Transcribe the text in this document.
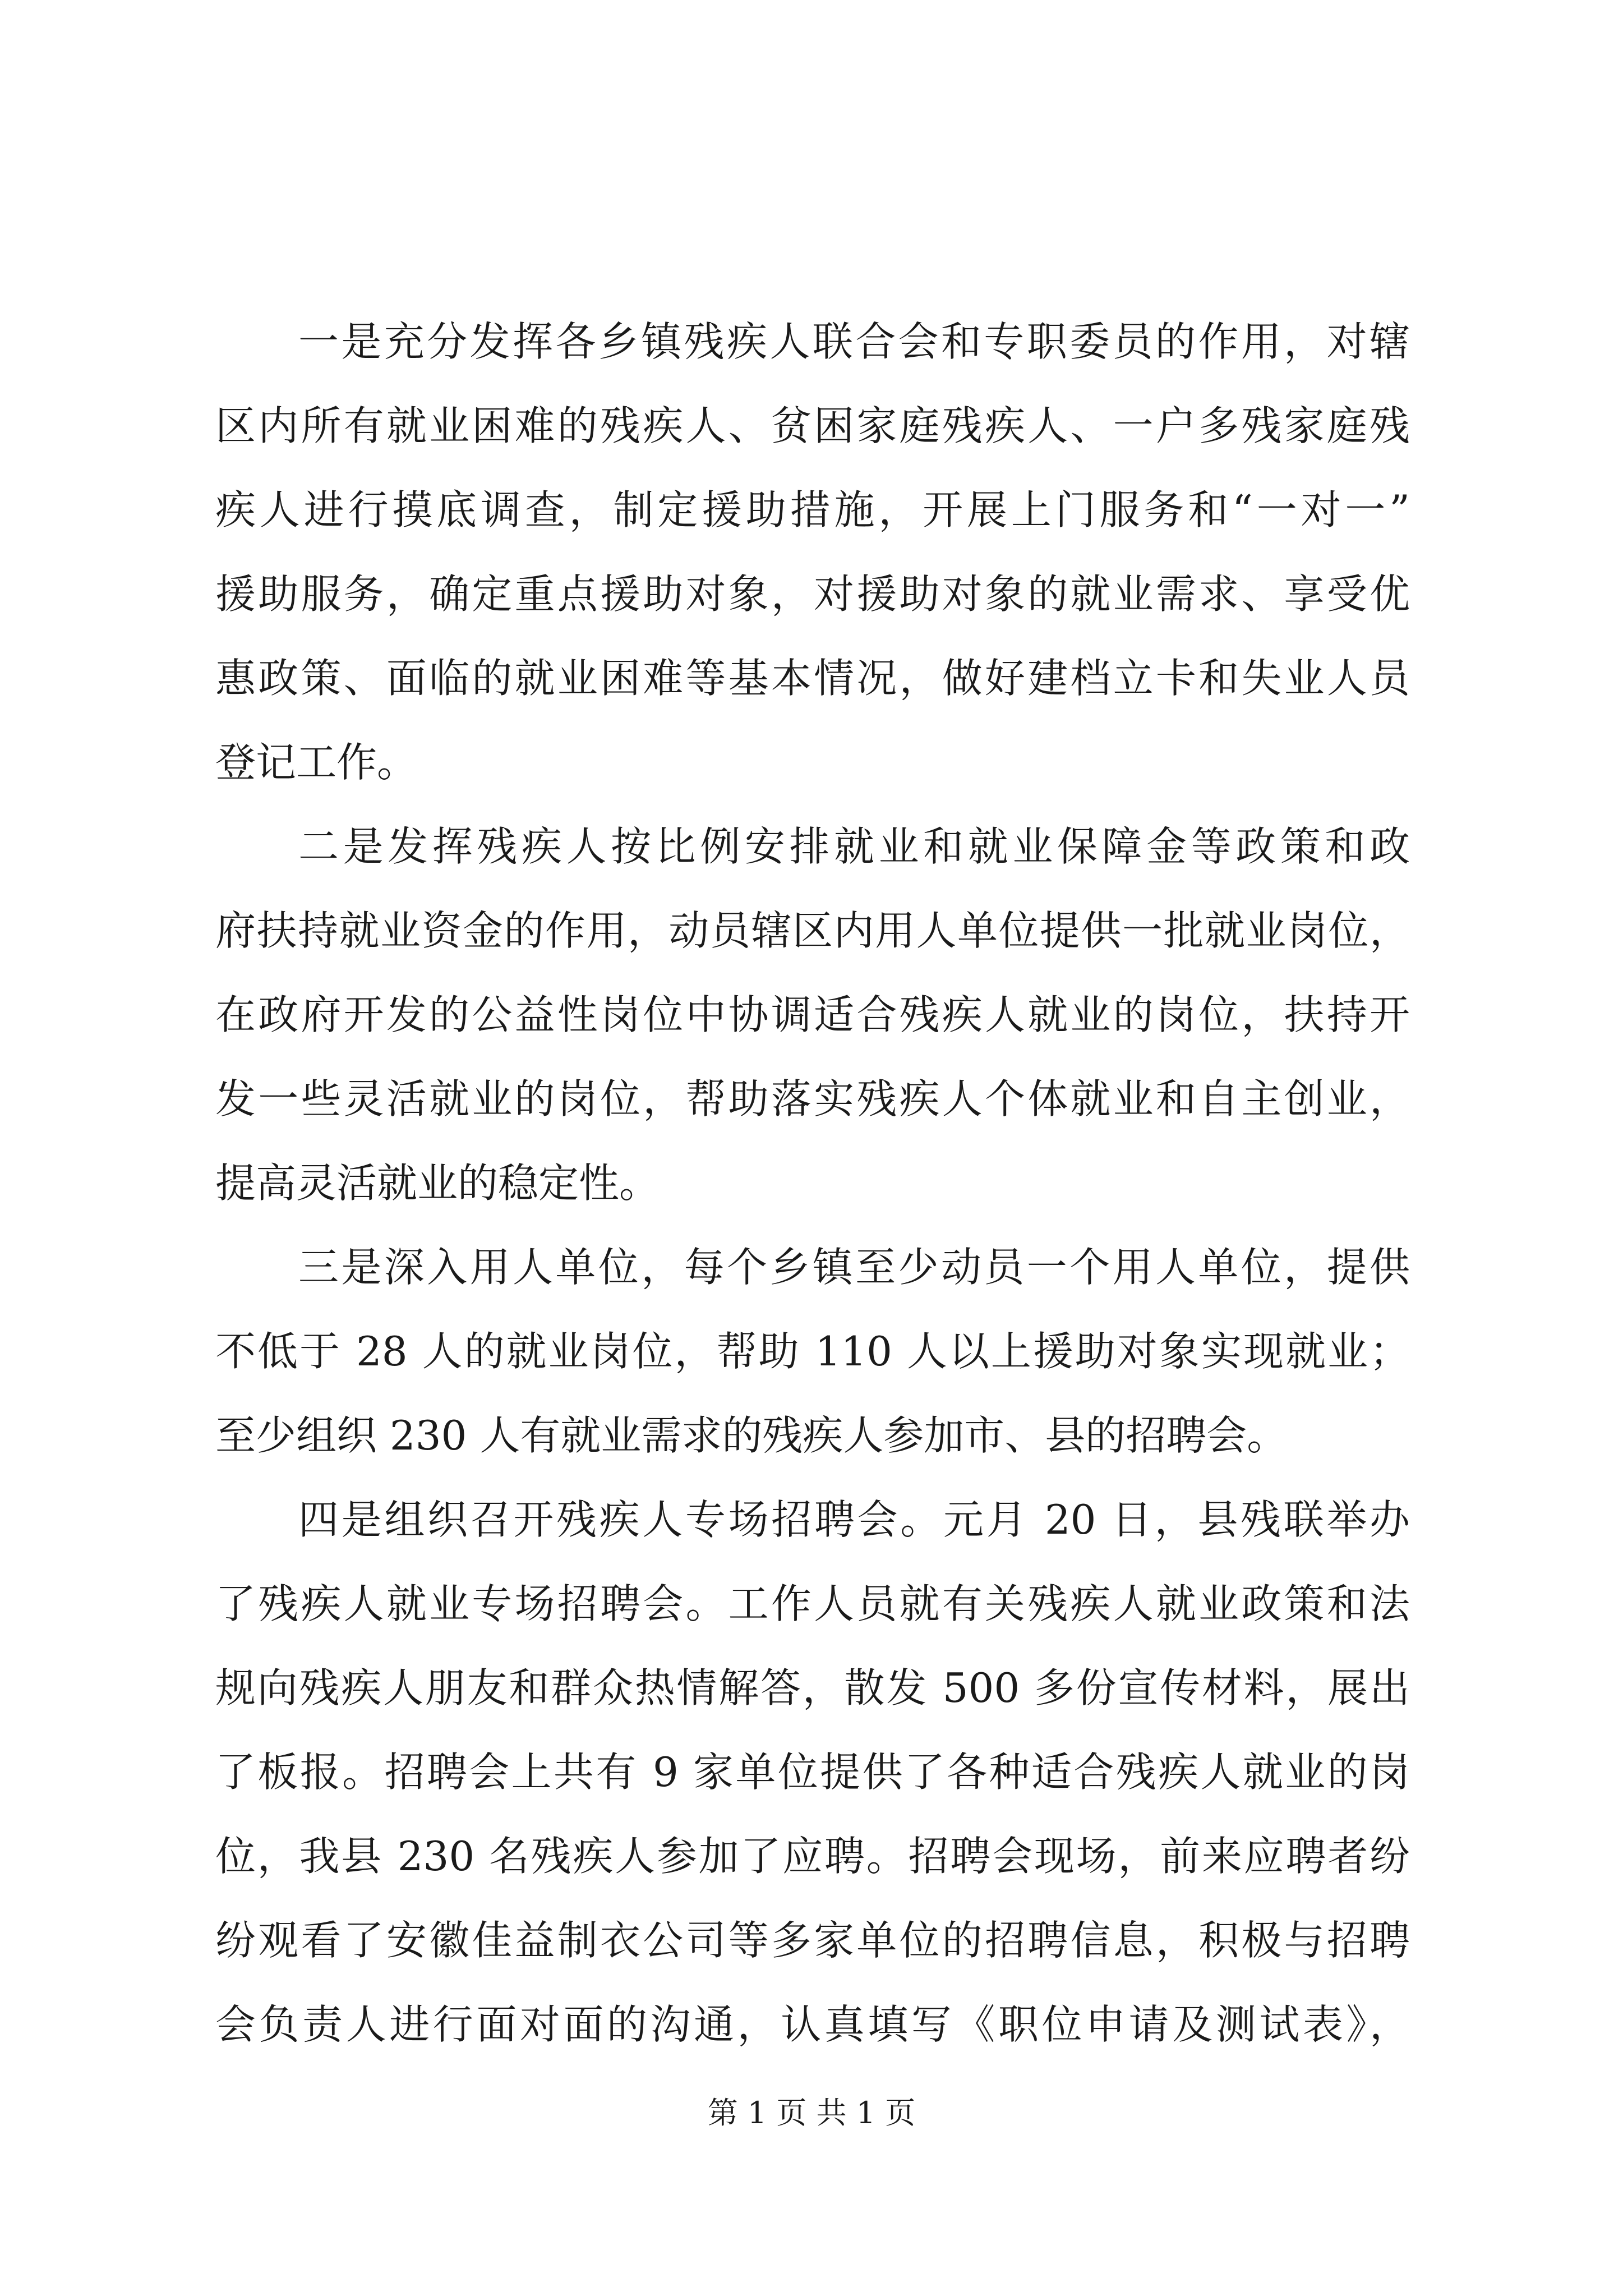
一是充分发挥各乡镇残疾人联合会和专职委员的作用，对辖
区内所有就业困难的残疾人、贫困家庭残疾人、一户多残家庭残
疾人进行摸底调查，制定援助措施，开展上门服务和“一对一”
援助服务，确定重点援助对象，对援助对象的就业需求、享受优
惠政策、面临的就业困难等基本情况，做好建档立卡和失业人员
登记工作。
二是发挥残疾人按比例安排就业和就业保障金等政策和政
府扶持就业资金的作用，动员辖区内用人单位提供一批就业岗位，
在政府开发的公益性岗位中协调适合残疾人就业的岗位，扶持开
发一些灵活就业的岗位，帮助落实残疾人个体就业和自主创业，
提高灵活就业的稳定性。
三是深入用人单位，每个乡镇至少动员一个用人单位，提供
不低于 28 人的就业岗位，帮助 110 人以上援助对象实现就业；
至少组织 230 人有就业需求的残疾人参加市、县的招聘会。
四是组织召开残疾人专场招聘会。元月 20 日，县残联举办
了残疾人就业专场招聘会。工作人员就有关残疾人就业政策和法
规向残疾人朋友和群众热情解答，散发 500 多份宣传材料，展出
了板报。招聘会上共有 9 家单位提供了各种适合残疾人就业的岗
位，我县 230 名残疾人参加了应聘。招聘会现场，前来应聘者纷
纷观看了安徽佳益制衣公司等多家单位的招聘信息，积极与招聘
会负责人进行面对面的沟通，认真填写《职位申请及测试表》，
第 1 页 共 1 页
